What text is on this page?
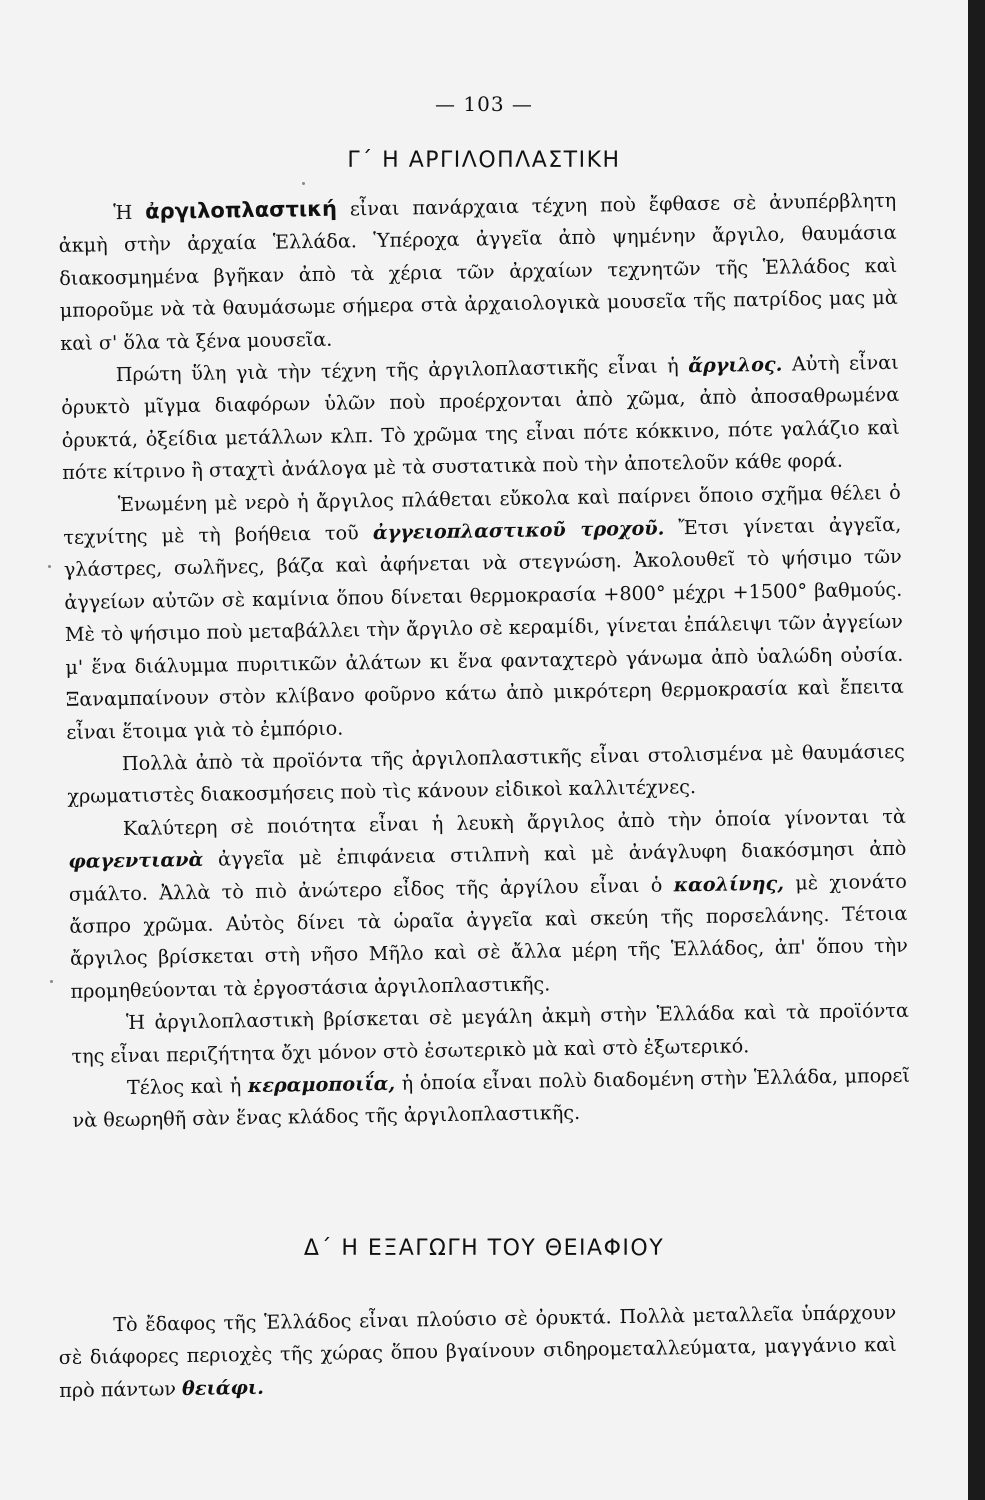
— 103 —
Γ΄ Η ΑΡΓΙΛΟΠΛΑΣΤΙΚΗ

Ἡ ἀργιλοπλαστική εἶναι πανάρχαια τέχνη ποὺ ἔφθασε σὲ ἀνυπέρβλητη ἀκμὴ στὴν ἀρχαία Ἑλλάδα. Ὑπέροχα ἀγγεῖα ἀπὸ ψημένην ἄργιλο, θαυμάσια διακοσμημένα βγῆκαν ἀπὸ τὰ χέρια τῶν ἀρχαίων τεχνητῶν τῆς Ἑλλάδος καὶ μποροῦμε νὰ τὰ θαυμάσωμε σήμερα στὰ ἀρχαιολογικὰ μουσεῖα τῆς πατρίδος μας μὰ καὶ σ' ὅλα τὰ ξένα μουσεῖα.

Πρώτη ὕλη γιὰ τὴν τέχνη τῆς ἀργιλοπλαστικῆς εἶναι ἡ ἄργιλος. Αὐτὴ εἶναι ὀρυκτὸ μῖγμα διαφόρων ὑλῶν ποὺ προέρχονται ἀπὸ χῶμα, ἀπὸ ἀποσαθρωμένα ὀρυκτά, ὀξείδια μετάλλων κλπ. Τὸ χρῶμα της εἶναι πότε κόκκινο, πότε γαλάζιο καὶ πότε κίτρινο ἢ σταχτὶ ἀνάλογα μὲ τὰ συστατικὰ ποὺ τὴν ἀποτελοῦν κάθε φορά.

Ἑνωμένη μὲ νερὸ ἡ ἄργιλος πλάθεται εὔκολα καὶ παίρνει ὅποιο σχῆμα θέλει ὁ τεχνίτης μὲ τὴ βοήθεια τοῦ ἀγγειοπλαστικοῦ τροχοῦ. Ἔτσι γίνεται ἀγγεῖα, γλάστρες, σωλῆνες, βάζα καὶ ἀφήνεται νὰ στεγνώση. Ἀκολουθεῖ τὸ ψήσιμο τῶν ἀγγείων αὐτῶν σὲ καμίνια ὅπου δίνεται θερμοκρασία +800° μέχρι +1500° βαθμούς. Μὲ τὸ ψήσιμο ποὺ μεταβάλλει τὴν ἄργιλο σὲ κεραμίδι, γίνεται ἐπάλειψι τῶν ἀγγείων μ' ἕνα διάλυμμα πυριτικῶν ἀλάτων κι ἕνα φανταχτερὸ γάνωμα ἀπὸ ὑαλώδη οὐσία. Ξαναμπαίνουν στὸν κλίβανο φοῦρνο κάτω ἀπὸ μικρότερη θερμοκρασία καὶ ἔπειτα εἶναι ἕτοιμα γιὰ τὸ ἐμπόριο.

Πολλὰ ἀπὸ τὰ προϊόντα τῆς ἀργιλοπλαστικῆς εἶναι στολισμένα μὲ θαυμάσιες χρωματιστὲς διακοσμήσεις ποὺ τὶς κάνουν εἰδικοὶ καλλιτέχνες.

Καλύτερη σὲ ποιότητα εἶναι ἡ λευκὴ ἄργιλος ἀπὸ τὴν ὁποία γίνονται τὰ φαγεντιανὰ ἀγγεῖα μὲ ἐπιφάνεια στιλπνὴ καὶ μὲ ἀνάγλυφη διακόσμησι ἀπὸ σμάλτο. Ἀλλὰ τὸ πιὸ ἀνώτερο εἶδος τῆς ἀργίλου εἶναι ὁ καολίνης, μὲ χιονάτο ἄσπρο χρῶμα. Αὐτὸς δίνει τὰ ὡραῖα ἀγγεῖα καὶ σκεύη τῆς πορσελάνης. Τέτοια ἄργιλος βρίσκεται στὴ νῆσο Μῆλο καὶ σὲ ἄλλα μέρη τῆς Ἑλλάδος, ἀπ' ὅπου τὴν προμηθεύονται τὰ ἐργοστάσια ἀργιλοπλαστικῆς.

Ἡ ἀργιλοπλαστικὴ βρίσκεται σὲ μεγάλη ἀκμὴ στὴν Ἑλλάδα καὶ τὰ προϊόντα της εἶναι περιζήτητα ὄχι μόνον στὸ ἐσωτερικὸ μὰ καὶ στὸ ἐξωτερικό.

Τέλος καὶ ἡ κεραμοποιΐα, ἡ ὁποία εἶναι πολὺ διαδομένη στὴν Ἑλλάδα, μπορεῖ νὰ θεωρηθῆ σὰν ἕνας κλάδος τῆς ἀργιλοπλαστικῆς.

Δ΄ Η ΕΞΑΓΩΓΗ ΤΟΥ ΘΕΙΑΦΙΟΥ

Τὸ ἔδαφος τῆς Ἑλλάδος εἶναι πλούσιο σὲ ὀρυκτά. Πολλὰ μεταλλεῖα ὑπάρχουν σὲ διάφορες περιοχὲς τῆς χώρας ὅπου βγαίνουν σιδηρομεταλλεύματα, μαγγάνιο καὶ πρὸ πάντων θειάφι.
